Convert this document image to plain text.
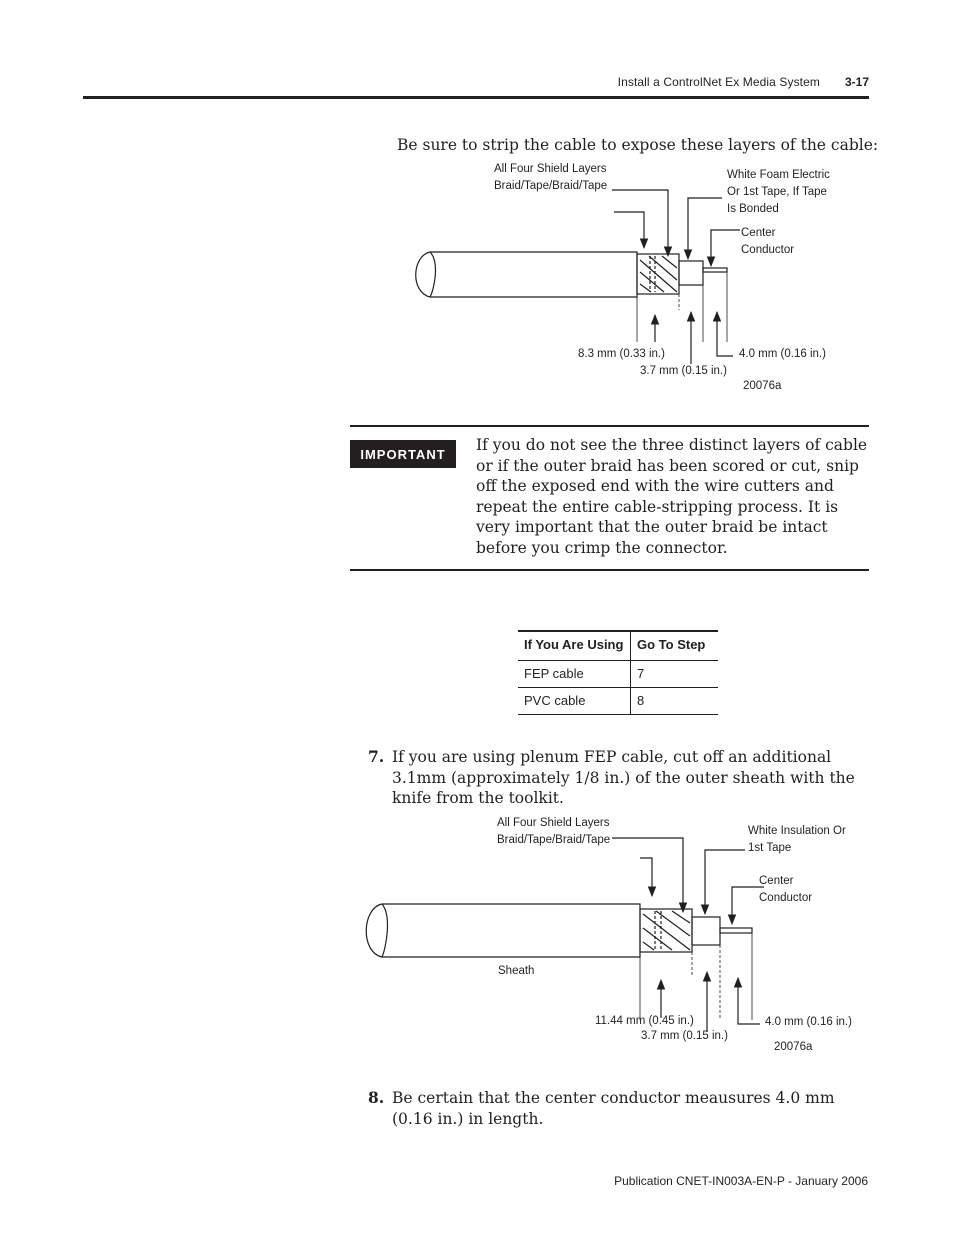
Install a ControlNet Ex Media System 3-17
Be sure to strip the cable to expose these layers of the cable:
All Four Shield Layers
Braid/Tape/Braid/Tape
White Foam Electric
Or 1st Tape, If Tape
Is Bonded
Center
Conductor
8.3 mm (0.33 in.)
3.7 mm (0.15 in.)
4.0 mm (0.16 in.)
20076a
IMPORTANT	If you do not see the three distinct layers of cable or if the outer braid has been scored or cut, snip off the exposed end with the wire cutters and repeat the entire cable-stripping process. It is very important that the outer braid be intact before you crimp the connector.
If You Are Using	Go To Step
FEP cable	7
PVC cable	8
7. If you are using plenum FEP cable, cut off an additional 3.1mm (approximately 1/8 in.) of the outer sheath with the knife from the toolkit.
All Four Shield Layers
Braid/Tape/Braid/Tape
White Insulation Or
1st Tape
Center
Conductor
Sheath
11.44 mm (0.45 in.)
3.7 mm (0.15 in.)
4.0 mm (0.16 in.)
20076a
8. Be certain that the center conductor meausures 4.0 mm (0.16 in.) in length.
Publication CNET-IN003A-EN-P - January 2006
